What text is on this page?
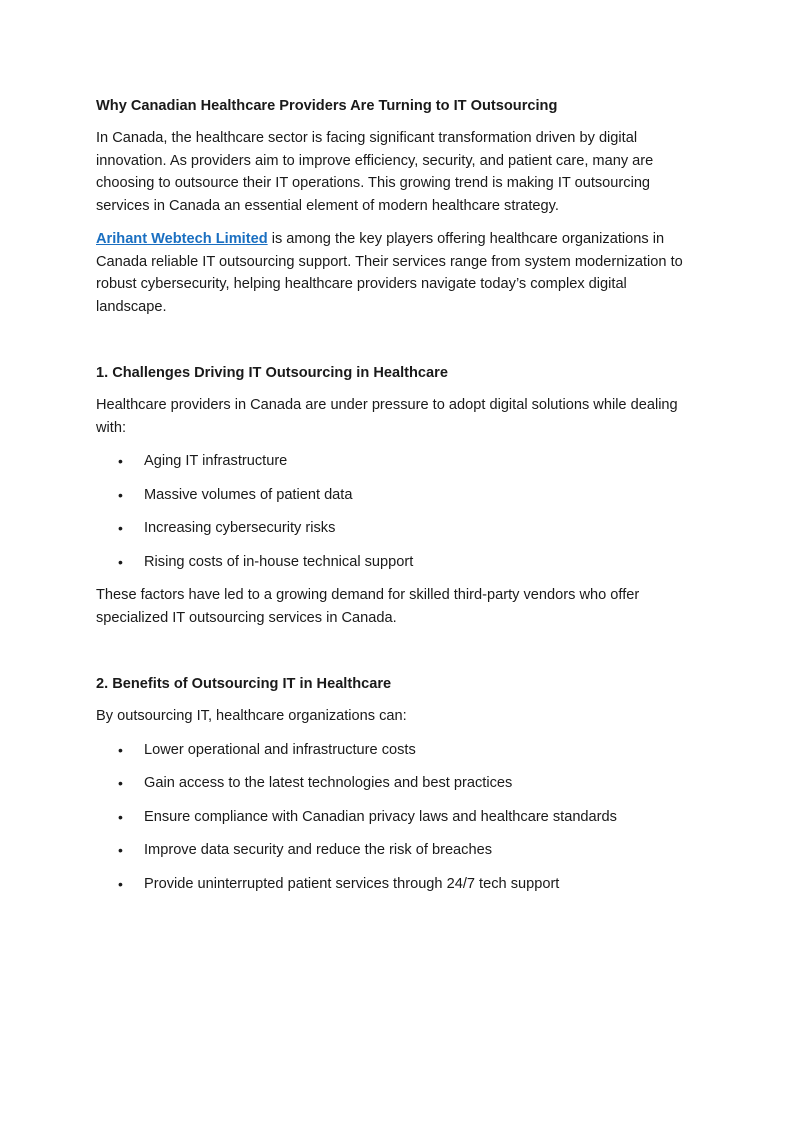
Why Canadian Healthcare Providers Are Turning to IT Outsourcing

In Canada, the healthcare sector is facing significant transformation driven by digital innovation. As providers aim to improve efficiency, security, and patient care, many are choosing to outsource their IT operations. This growing trend is making IT outsourcing services in Canada an essential element of modern healthcare strategy.

Arihant Webtech Limited is among the key players offering healthcare organizations in Canada reliable IT outsourcing support. Their services range from system modernization to robust cybersecurity, helping healthcare providers navigate today’s complex digital landscape.

1. Challenges Driving IT Outsourcing in Healthcare

Healthcare providers in Canada are under pressure to adopt digital solutions while dealing with:

• Aging IT infrastructure
• Massive volumes of patient data
• Increasing cybersecurity risks
• Rising costs of in-house technical support

These factors have led to a growing demand for skilled third-party vendors who offer specialized IT outsourcing services in Canada.

2. Benefits of Outsourcing IT in Healthcare

By outsourcing IT, healthcare organizations can:

• Lower operational and infrastructure costs
• Gain access to the latest technologies and best practices
• Ensure compliance with Canadian privacy laws and healthcare standards
• Improve data security and reduce the risk of breaches
• Provide uninterrupted patient services through 24/7 tech support
